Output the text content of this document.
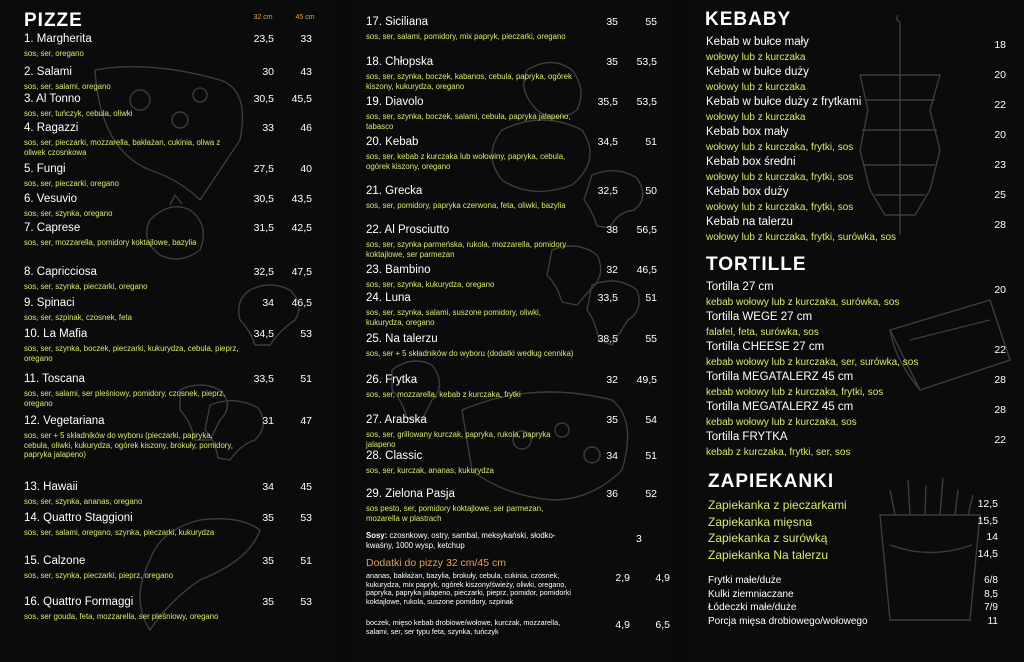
PIZZE	32 cm	45 cm
1. Margherita	23,5	33
sos, ser, oregano
2. Salami	30	43
sos, ser, salami, oregano
3. Al Tonno	30,5	45,5
sos, ser, tuńczyk, cebula, oliwki
4. Ragazzi	33	46
sos, ser, pieczarki, mozzarella, bakłażan, cukinia, oliwa z oliwek czosnkowa
5. Fungi	27,5	40
sos, ser, pieczarki, oregano
6. Vesuvio	30,5	43,5
sos, ser, szynka, oregano
7. Caprese	31,5	42,5
sos, ser, mozzarella, pomidory koktajlowe, bazylia
8. Capricciosa	32,5	47,5
sos, ser, szynka, pieczarki, oregano
9. Spinaci	34	46,5
sos, ser, szpinak, czosnek, feta
10. La Mafia	34,5	53
sos, ser, szynka, boczek, pieczarki, kukurydza, cebula, pieprz, oregano
11. Toscana	33,5	51
sos, ser, salami, ser pleśniowy, pomidory, czosnek, pieprz, oregano
12. Vegetariana	31	47
sos, ser + 5 składników do wyboru (pieczarki, papryka, cebula, oliwki, kukurydza, ogórek kiszony, brokuły, pomidory, papryka jalapeno)
13. Hawaii	34	45
sos, ser, szynka, ananas, oregano
14. Quattro Staggioni	35	53
sos, ser, salami, oregano, szynka, pieczarki, kukurydza
15. Calzone	35	51
sos, ser, szynka, pieczarki, pieprz, oregano
16. Quattro Formaggi	35	53
sos, ser gouda, feta, mozzarella, ser pleśniowy, oregano
17. Siciliana	35	55
sos, ser, salami, pomidory, mix papryk, pieczarki, oregano
18. Chłopska	35	53,5
sos, ser, szynka, boczek, kabanos, cebula, papryka, ogórek kiszony, kukurydza, oregano
19. Diavolo	35,5	53,5
sos, ser, szynka, boczek, salami, cebula, papryka jalapeno, tabasco
20. Kebab	34,5	51
sos, ser, kebab z kurczaka lub wołowiny, papryka, cebula, ogórek kiszony, oregano
21. Grecka	32,5	50
sos, ser, pomidory, papryka czerwona, feta, oliwki, bazylia
22. Al Prosciutto	38	56,5
sos, ser, szynka parmeńska, rukola, mozzarella, pomidory koktajlowe, ser parmezan
23. Bambino	32	46,5
sos, ser, szynka, kukurydza, oregano
24. Luna	33,5	51
sos, ser, szynka, salami, suszone pomidory, oliwki, kukurydza, oregano
25. Na talerzu	38,5	55
sos, ser + 5 składników do wyboru (dodatki według cennika)
26. Frytka	32	49,5
sos, ser, mozzarella, kebab z kurczaka, frytki
27. Arabska	35	54
sos, ser, grillowany kurczak, papryka, rukola, papryka jalapeno
28. Classic	34	51
sos, ser, kurczak, ananas, kukurydza
29. Zielona Pasja	36	52
sos pesto, ser, pomidory koktajlowe, ser parmezan, mozarella w plastrach
Sosy: czosnkowy, ostry, sambal, meksykański, słodko-kwaśny, 1000 wysp, ketchup
3
Dodatki do pizzy 32 cm/45 cm
ananas, bakłażan, bazylia, brokuły, cebula, cukinia, czosnek, kukurydza, mix papryk, ogórek kiszony/świeży, oliwki, oregano, papryka, papryka jalapeno, pieczarki, pieprz, pomidor, pomidorki koktajlowe, rukola, suszone pomidory, szpinak
2,9	4,9
boczek, mięso kebab drobiowe/wołowe, kurczak, mozzarella, salami, ser, ser typu feta, szynka, tuńczyk
4,9	6,5
KEBABY
Kebab w bułce mały	18
wołowy lub z kurczaka
Kebab w bułce duży	20
wołowy lub z kurczaka
Kebab w bułce duży z frytkami	22
wołowy lub z kurczaka
Kebab box mały	20
wołowy lub z kurczaka, frytki, sos
Kebab box średni	23
wołowy lub z kurczaka, frytki, sos
Kebab box duży	25
wołowy lub z kurczaka, frytki, sos
Kebab na talerzu	28
wołowy lub z kurczaka, frytki, surówka, sos
TORTILLE
Tortilla 27 cm	20
kebab wołowy lub z kurczaka, surówka, sos
Tortilla WEGE 27 cm
falafel, feta, surówka, sos
Tortilla CHEESE 27 cm	22
kebab wołowy lub z kurczaka, ser, surówka, sos
Tortilla MEGATALERZ 45 cm	28
kebab wołowy lub z kurczaka, frytki, sos
Tortilla MEGATALERZ 45 cm	28
kebab wołowy lub z kurczaka, sos
Tortilla FRYTKA	22
kebab z kurczaka, frytki, ser, sos
ZAPIEKANKI
Zapiekanka z pieczarkami	12,5
Zapiekanka mięsna	15,5
Zapiekanka z surówką	14
Zapiekanka Na talerzu	14,5
Frytki małe/duże	6/8
Kulki ziemniaczane	8,5
Łódeczki małe/duże	7/9
Porcja mięsa drobiowego/wołowego	11
